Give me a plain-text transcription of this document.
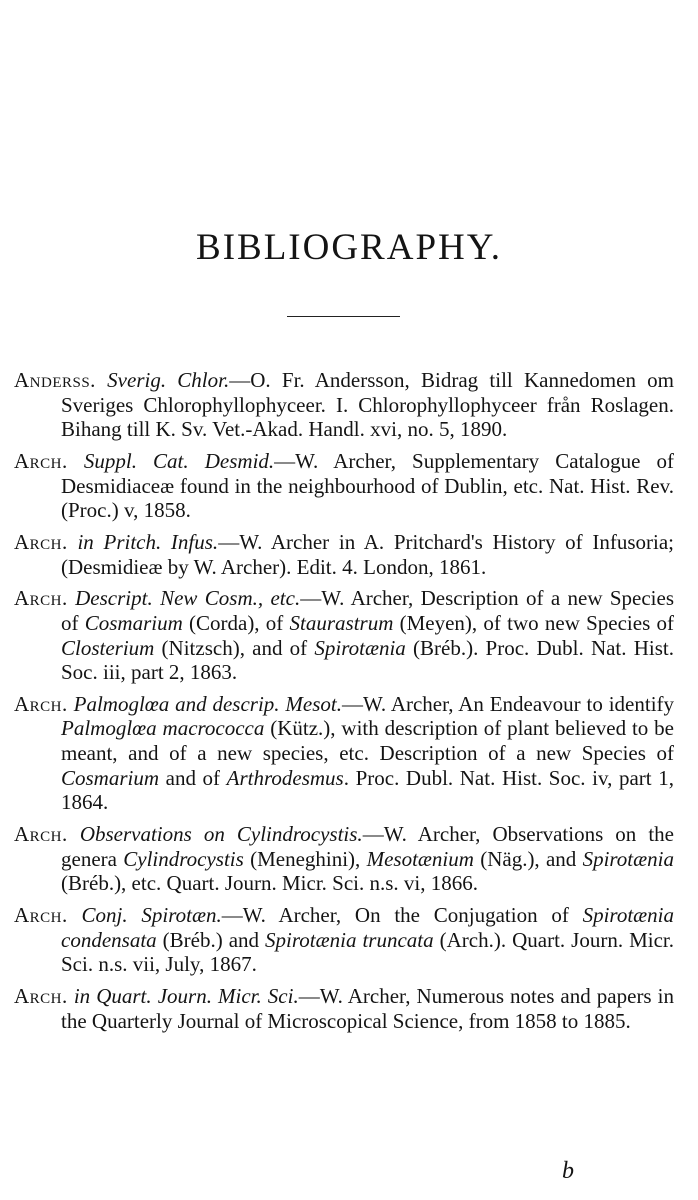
BIBLIOGRAPHY.

Anderss. Sverig. Chlor.—O. Fr. Andersson, Bidrag till Kannedomen om Sveriges Chlorophyllophyceer. I. Chlorophyllophyceer från Roslagen. Bihang till K. Sv. Vet.-Akad. Handl. xvi, no. 5, 1890.

Arch. Suppl. Cat. Desmid.—W. Archer, Supplementary Catalogue of Desmidiaceæ found in the neighbourhood of Dublin, etc. Nat. Hist. Rev. (Proc.) v, 1858.

Arch. in Pritch. Infus.—W. Archer in A. Pritchard's History of Infusoria; (Desmidieæ by W. Archer). Edit. 4. London, 1861.

Arch. Descript. New Cosm., etc.—W. Archer, Description of a new Species of Cosmarium (Corda), of Staurastrum (Meyen), of two new Species of Closterium (Nitzsch), and of Spirotænia (Bréb.). Proc. Dubl. Nat. Hist. Soc. iii, part 2, 1863.

Arch. Palmoglœa and descrip. Mesot.—W. Archer, An Endeavour to identify Palmoglœa macrococca (Kütz.), with description of plant believed to be meant, and of a new species, etc. Description of a new Species of Cosmarium and of Arthrodesmus. Proc. Dubl. Nat. Hist. Soc. iv, part 1, 1864.

Arch. Observations on Cylindrocystis.—W. Archer, Observations on the genera Cylindrocystis (Meneghini), Mesotænium (Näg.), and Spirotænia (Bréb.), etc. Quart. Journ. Micr. Sci. n.s. vi, 1866.

Arch. Conj. Spirotæn.—W. Archer, On the Conjugation of Spirotænia condensata (Bréb.) and Spirotænia truncata (Arch.). Quart. Journ. Micr. Sci. n.s. vii, July, 1867.

Arch. in Quart. Journ. Micr. Sci.—W. Archer, Numerous notes and papers in the Quarterly Journal of Microscopical Science, from 1858 to 1885.

b
